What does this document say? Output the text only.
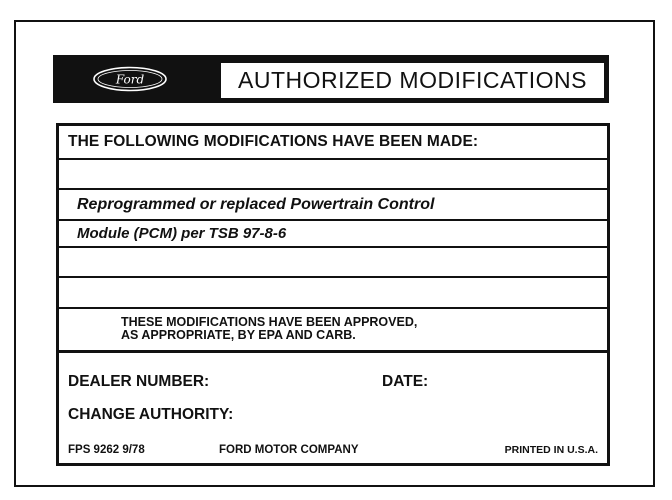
Ford	AUTHORIZED MODIFICATIONS
THE FOLLOWING MODIFICATIONS HAVE BEEN MADE:
Reprogrammed or replaced Powertrain Control
Module (PCM) per TSB 97-8-6
THESE MODIFICATIONS HAVE BEEN APPROVED,
AS APPROPRIATE, BY EPA AND CARB.
DEALER NUMBER:	DATE:
CHANGE AUTHORITY:
FPS 9262 9/78	FORD MOTOR COMPANY	PRINTED IN U.S.A.
